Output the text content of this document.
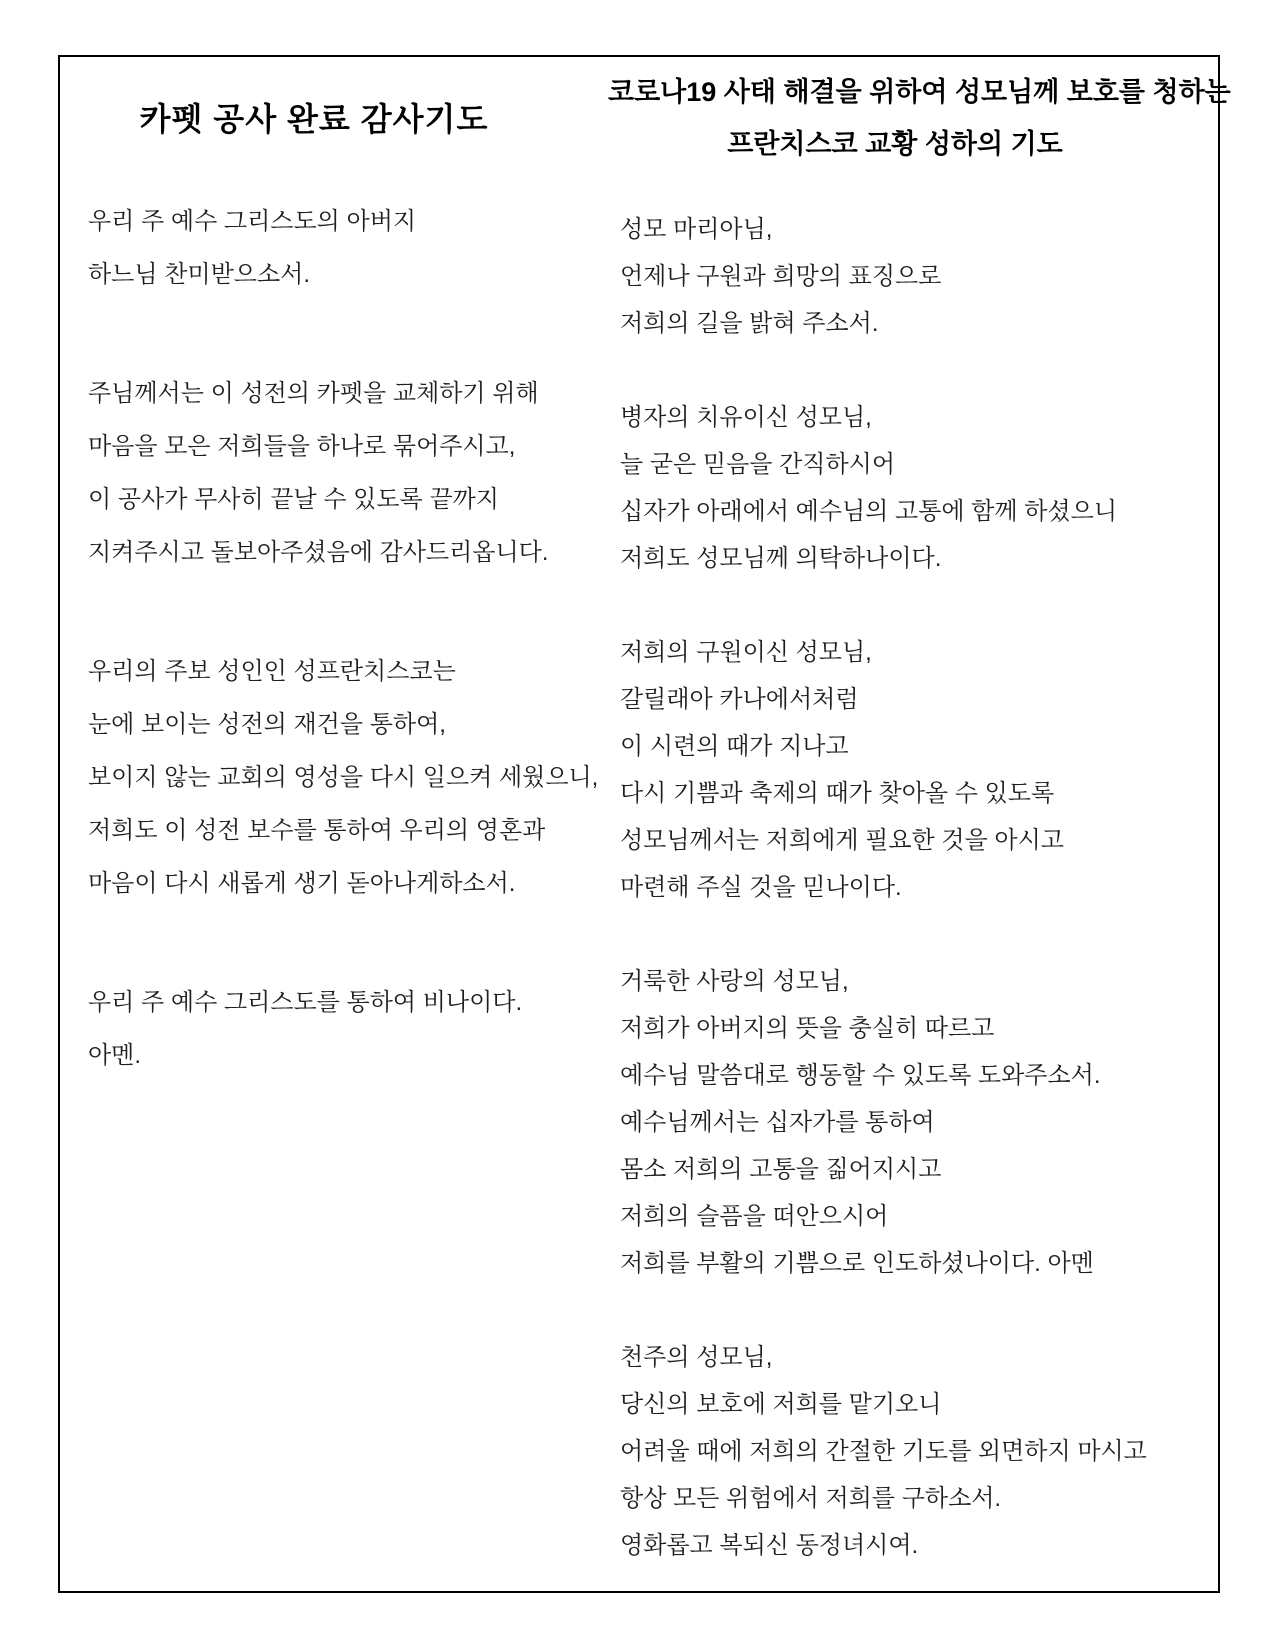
카펫 공사 완료 감사기도
우리 주 예수 그리스도의 아버지
하느님 찬미받으소서.
주님께서는 이 성전의 카펫을 교체하기 위해
마음을 모은 저희들을 하나로 묶어주시고,
이 공사가 무사히 끝날 수 있도록 끝까지
지켜주시고 돌보아주셨음에 감사드리옵니다.
우리의 주보 성인인 성프란치스코는
눈에 보이는 성전의 재건을 통하여,
보이지 않는 교회의 영성을 다시 일으켜 세웠으니,
저희도 이 성전 보수를 통하여 우리의 영혼과
마음이 다시 새롭게 생기 돋아나게하소서.
우리 주 예수 그리스도를 통하여 비나이다.
아멘.
코로나19 사태 해결을 위하여 성모님께 보호를 청하는
프란치스코 교황 성하의 기도
성모 마리아님,
언제나 구원과 희망의 표징으로
저희의 길을 밝혀 주소서.
병자의 치유이신 성모님,
늘 굳은 믿음을 간직하시어
십자가 아래에서 예수님의 고통에 함께 하셨으니
저희도 성모님께 의탁하나이다.
저희의 구원이신 성모님,
갈릴래아 카나에서처럼
이 시련의 때가 지나고
다시 기쁨과 축제의 때가 찾아올 수 있도록
성모님께서는 저희에게 필요한 것을 아시고
마련해 주실 것을 믿나이다.
거룩한 사랑의 성모님,
저희가 아버지의 뜻을 충실히 따르고
예수님 말씀대로 행동할 수 있도록 도와주소서.
예수님께서는 십자가를 통하여
몸소 저희의 고통을 짊어지시고
저희의 슬픔을 떠안으시어
저희를 부활의 기쁨으로 인도하셨나이다. 아멘
천주의 성모님,
당신의 보호에 저희를 맡기오니
어려울 때에 저희의 간절한 기도를 외면하지 마시고
항상 모든 위험에서 저희를 구하소서.
영화롭고 복되신 동정녀시여.
